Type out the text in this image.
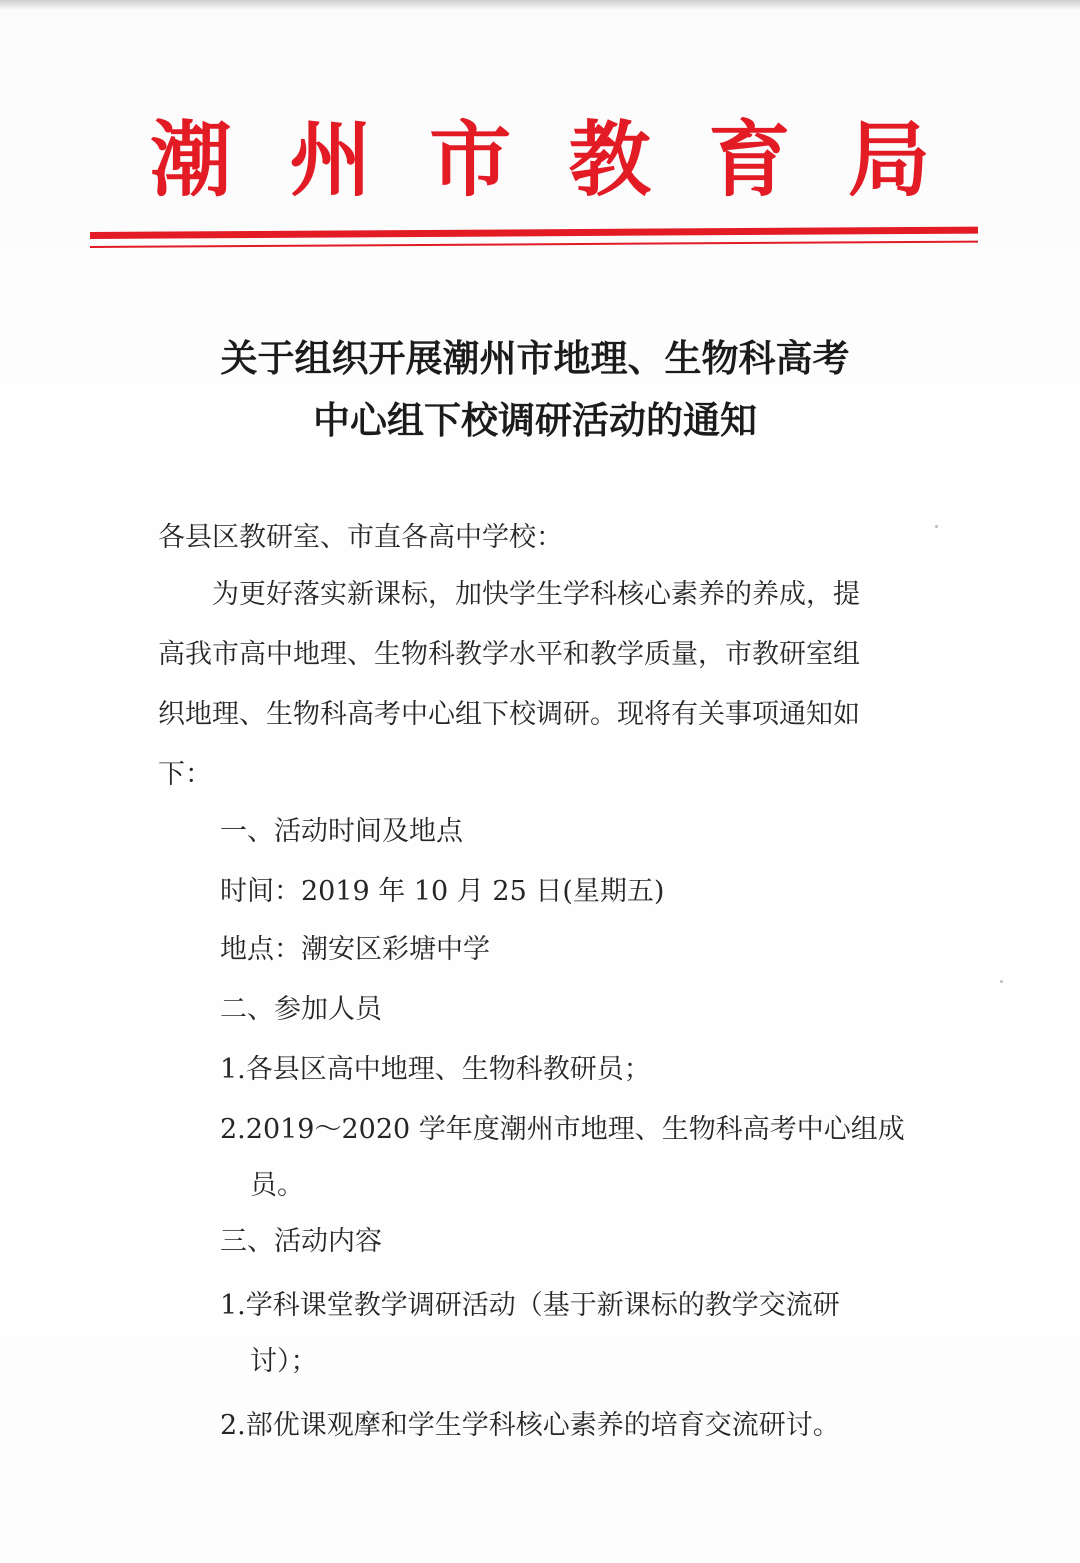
潮 州 市 教 育 局
关于组织开展潮州市地理、生物科高考
中心组下校调研活动的通知
各县区教研室、市直各高中学校：
　　为更好落实新课标，加快学生学科核心素养的养成，提
高我市高中地理、生物科教学水平和教学质量，市教研室组
织地理、生物科高考中心组下校调研。现将有关事项通知如
下：
一、活动时间及地点
时间：2019 年 10 月 25 日(星期五)
地点：潮安区彩塘中学
二、参加人员
1.各县区高中地理、生物科教研员；
2.2019～2020 学年度潮州市地理、生物科高考中心组成
员。
三、活动内容
1.学科课堂教学调研活动（基于新课标的教学交流研
讨）；
2.部优课观摩和学生学科核心素养的培育交流研讨。
